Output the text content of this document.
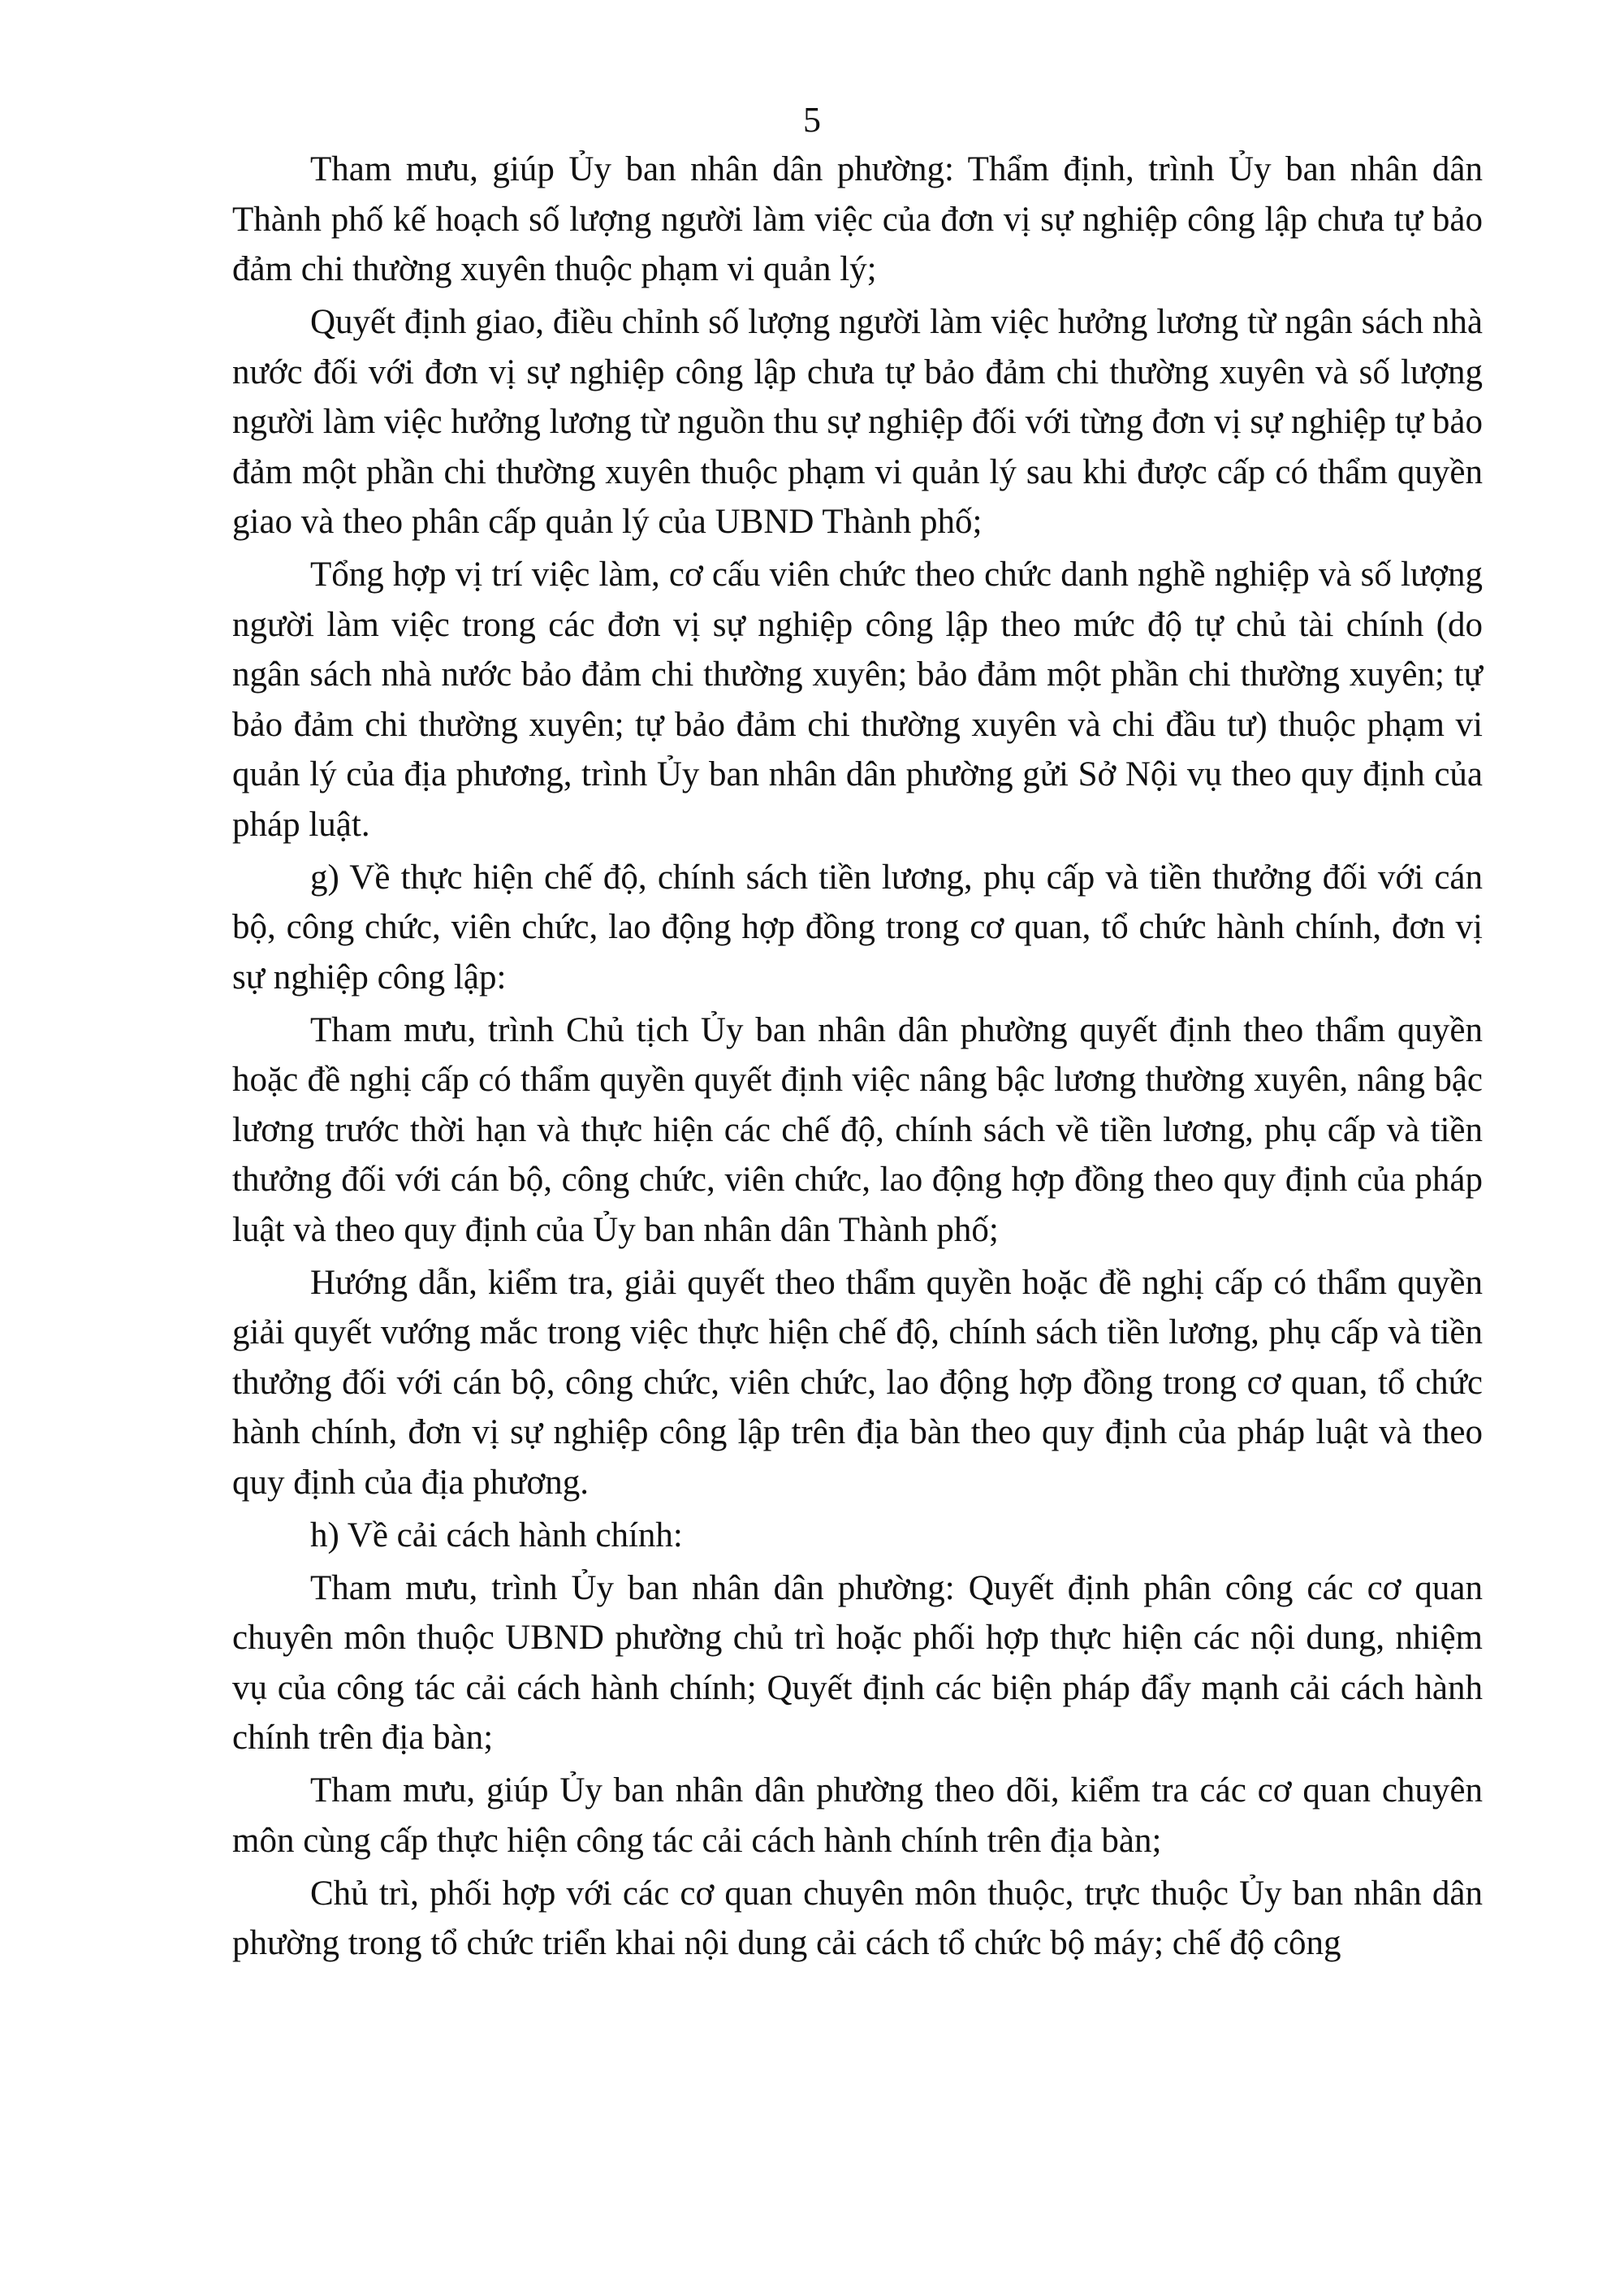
5

Tham mưu, giúp Ủy ban nhân dân phường: Thẩm định, trình Ủy ban nhân dân Thành phố kế hoạch số lượng người làm việc của đơn vị sự nghiệp công lập chưa tự bảo đảm chi thường xuyên thuộc phạm vi quản lý;

Quyết định giao, điều chỉnh số lượng người làm việc hưởng lương từ ngân sách nhà nước đối với đơn vị sự nghiệp công lập chưa tự bảo đảm chi thường xuyên và số lượng người làm việc hưởng lương từ nguồn thu sự nghiệp đối với từng đơn vị sự nghiệp tự bảo đảm một phần chi thường xuyên thuộc phạm vi quản lý sau khi được cấp có thẩm quyền giao và theo phân cấp quản lý của UBND Thành phố;

Tổng hợp vị trí việc làm, cơ cấu viên chức theo chức danh nghề nghiệp và số lượng người làm việc trong các đơn vị sự nghiệp công lập theo mức độ tự chủ tài chính (do ngân sách nhà nước bảo đảm chi thường xuyên; bảo đảm một phần chi thường xuyên; tự bảo đảm chi thường xuyên; tự bảo đảm chi thường xuyên và chi đầu tư) thuộc phạm vi quản lý của địa phương, trình Ủy ban nhân dân phường gửi Sở Nội vụ theo quy định của pháp luật.

g) Về thực hiện chế độ, chính sách tiền lương, phụ cấp và tiền thưởng đối với cán bộ, công chức, viên chức, lao động hợp đồng trong cơ quan, tổ chức hành chính, đơn vị sự nghiệp công lập:

Tham mưu, trình Chủ tịch Ủy ban nhân dân phường quyết định theo thẩm quyền hoặc đề nghị cấp có thẩm quyền quyết định việc nâng bậc lương thường xuyên, nâng bậc lương trước thời hạn và thực hiện các chế độ, chính sách về tiền lương, phụ cấp và tiền thưởng đối với cán bộ, công chức, viên chức, lao động hợp đồng theo quy định của pháp luật và theo quy định của Ủy ban nhân dân Thành phố;

Hướng dẫn, kiểm tra, giải quyết theo thẩm quyền hoặc đề nghị cấp có thẩm quyền giải quyết vướng mắc trong việc thực hiện chế độ, chính sách tiền lương, phụ cấp và tiền thưởng đối với cán bộ, công chức, viên chức, lao động hợp đồng trong cơ quan, tổ chức hành chính, đơn vị sự nghiệp công lập trên địa bàn theo quy định của pháp luật và theo quy định của địa phương.

h) Về cải cách hành chính:

Tham mưu, trình Ủy ban nhân dân phường: Quyết định phân công các cơ quan chuyên môn thuộc UBND phường chủ trì hoặc phối hợp thực hiện các nội dung, nhiệm vụ của công tác cải cách hành chính; Quyết định các biện pháp đẩy mạnh cải cách hành chính trên địa bàn;

Tham mưu, giúp Ủy ban nhân dân phường theo dõi, kiểm tra các cơ quan chuyên môn cùng cấp thực hiện công tác cải cách hành chính trên địa bàn;

Chủ trì, phối hợp với các cơ quan chuyên môn thuộc, trực thuộc Ủy ban nhân dân phường trong tổ chức triển khai nội dung cải cách tổ chức bộ máy; chế độ công
